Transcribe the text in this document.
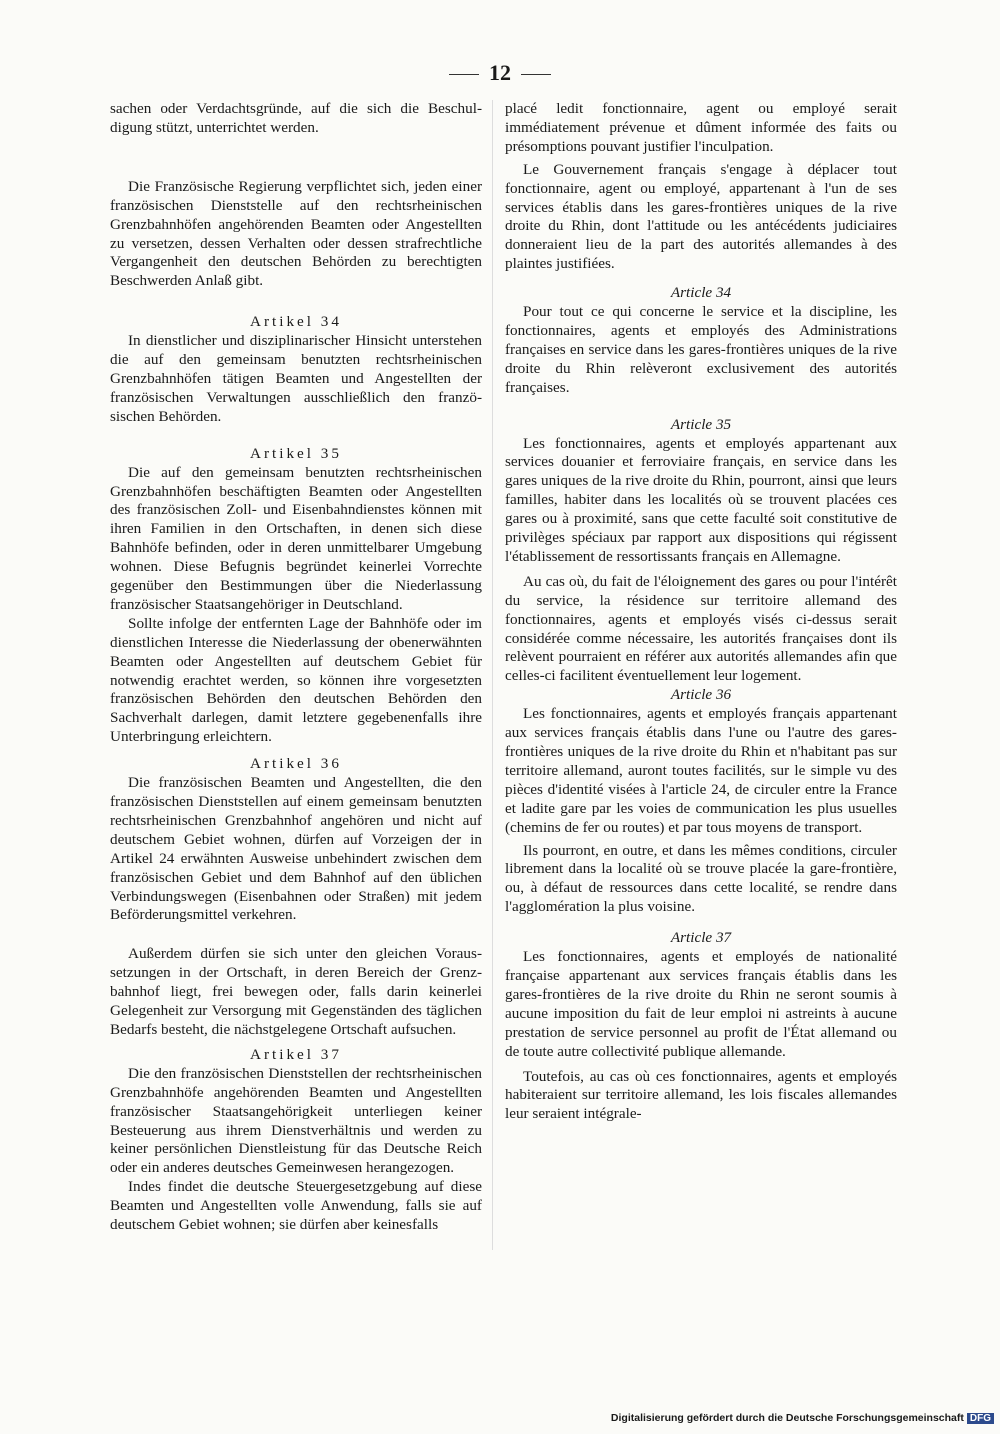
12

sachen oder Verdachtsgründe, auf die sich die Beschuldigung stützt, unterrichtet werden.

Die Französische Regierung verpflichtet sich, jeden einer französischen Dienststelle auf den rechtsrheinischen Grenzbahnhöfen angehörenden Beamten oder Angestellten zu versetzen, dessen Verhalten oder dessen strafrechtliche Vergangenheit den deutschen Behörden zu berechtigten Beschwerden Anlaß gibt.

Artikel 34

In dienstlicher und disziplinarischer Hinsicht unterstehen die auf den gemeinsam benutzten rechtsrheinischen Grenzbahnhöfen tätigen Beamten und Angestellten der französischen Verwaltungen ausschließlich den französischen Behörden.

Artikel 35

Die auf den gemeinsam benutzten rechtsrheinischen Grenzbahnhöfen beschäftigten Beamten oder Angestellten des französischen Zoll- und Eisenbahndienstes können mit ihren Familien in den Ortschaften, in denen sich diese Bahnhöfe befinden, oder in deren unmittelbarer Umgebung wohnen. Diese Befugnis begründet keinerlei Vorrechte gegenüber den Bestimmungen über die Niederlassung französischer Staatsangehöriger in Deutschland.

Sollte infolge der entfernten Lage der Bahnhöfe oder im dienstlichen Interesse die Niederlassung der obenerwähnten Beamten oder Angestellten auf deutschem Gebiet für notwendig erachtet werden, so können ihre vorgesetzten französischen Behörden den deutschen Behörden den Sachverhalt darlegen, damit letztere gegebenenfalls ihre Unterbringung erleichtern.

Artikel 36

Die französischen Beamten und Angestellten, die den französischen Dienststellen auf einem gemeinsam benutzten rechtsrheinischen Grenzbahnhof angehören und nicht auf deutschem Gebiet wohnen, dürfen auf Vorzeigen der in Artikel 24 erwähnten Ausweise unbehindert zwischen dem französischen Gebiet und dem Bahnhof auf den üblichen Verbindungswegen (Eisenbahnen oder Straßen) mit jedem Beförderungsmittel verkehren.

Außerdem dürfen sie sich unter den gleichen Voraussetzungen in der Ortschaft, in deren Bereich der Grenzbahnhof liegt, frei bewegen oder, falls darin keinerlei Gelegenheit zur Versorgung mit Gegenständen des täglichen Bedarfs besteht, die nächstgelegene Ortschaft aufsuchen.

Artikel 37

Die den französischen Dienststellen der rechtsrheinischen Grenzbahnhöfe angehörenden Beamten und Angestellten französischer Staatsangehörigkeit unterliegen keiner Besteuerung aus ihrem Dienstverhältnis und werden zu keiner persönlichen Dienstleistung für das Deutsche Reich oder ein anderes deutsches Gemeinwesen herangezogen.

Indes findet die deutsche Steuergesetzgebung auf diese Beamten und Angestellten volle Anwendung, falls sie auf deutschem Gebiet wohnen; sie dürfen aber keinesfalls

placé ledit fonctionnaire, agent ou employé serait immédiatement prévenue et dûment informée des faits ou présomptions pouvant justifier l'inculpation.

Le Gouvernement français s'engage à déplacer tout fonctionnaire, agent ou employé, appartenant à l'un de ses services établis dans les gares-frontières uniques de la rive droite du Rhin, dont l'attitude ou les antécédents judiciaires donneraient lieu de la part des autorités allemandes à des plaintes justifiées.

Article 34

Pour tout ce qui concerne le service et la discipline, les fonctionnaires, agents et employés des Administrations françaises en service dans les gares-frontières uniques de la rive droite du Rhin relèveront exclusivement des autorités françaises.

Article 35

Les fonctionnaires, agents et employés appartenant aux services douanier et ferroviaire français, en service dans les gares uniques de la rive droite du Rhin, pourront, ainsi que leurs familles, habiter dans les localités où se trouvent placées ces gares ou à proximité, sans que cette faculté soit constitutive de privilèges spéciaux par rapport aux dispositions qui régissent l'établissement de ressortissants français en Allemagne.

Au cas où, du fait de l'éloignement des gares ou pour l'intérêt du service, la résidence sur territoire allemand des fonctionnaires, agents et employés visés ci-dessus serait considérée comme nécessaire, les autorités françaises dont ils relèvent pourraient en référer aux autorités allemandes afin que celles-ci facilitent éventuellement leur logement.

Article 36

Les fonctionnaires, agents et employés français appartenant aux services français établis dans l'une ou l'autre des gares-frontières uniques de la rive droite du Rhin et n'habitant pas sur territoire allemand, auront toutes facilités, sur le simple vu des pièces d'identité visées à l'article 24, de circuler entre la France et ladite gare par les voies de communication les plus usuelles (chemins de fer ou routes) et par tous moyens de transport.

Ils pourront, en outre, et dans les mêmes conditions, circuler librement dans la localité où se trouve placée la gare-frontière, ou, à défaut de ressources dans cette localité, se rendre dans l'agglomération la plus voisine.

Article 37

Les fonctionnaires, agents et employés de nationalité française appartenant aux services français établis dans les gares-frontières de la rive droite du Rhin ne seront soumis à aucune imposition du fait de leur emploi ni astreints à aucune prestation de service personnel au profit de l'État allemand ou de toute autre collectivité publique allemande.

Toutefois, au cas où ces fonctionnaires, agents et employés habiteraient sur territoire allemand, les lois fiscales allemandes leur seraient intégrale-

Digitalisierung gefördert durch die Deutsche Forschungsgemeinschaft DFG
